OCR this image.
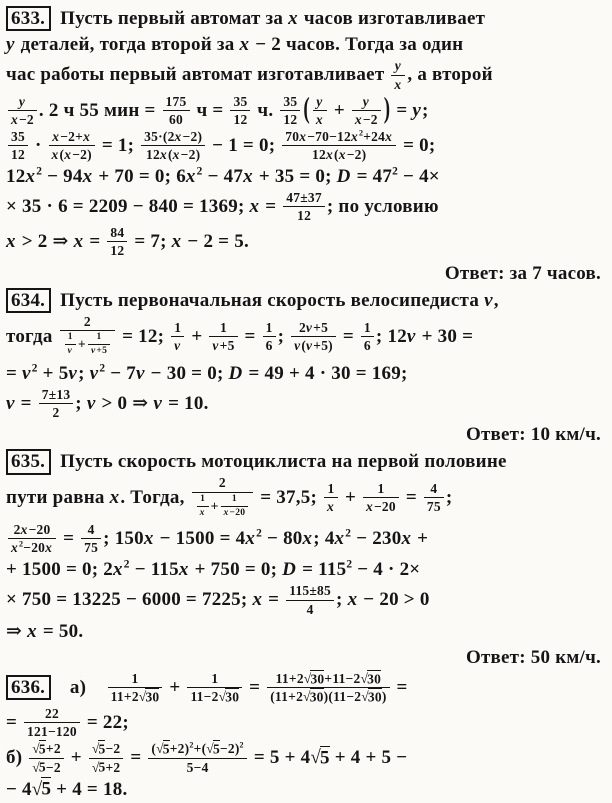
633. Пусть первый автомат за x часов изготавливает
y деталей, тогда второй за x − 2 часов. Тогда за один
час работы первый автомат изготавливает $\frac{y}{x}$ , а второй
$\frac{y}{x-2}$ . 2 ч 55 мин = $\frac{175}{60}$ $ч = \frac{35}{12} ч$. $\frac{35}{12}$ ( $\frac{y}{x} + \frac{y}{x-2}$ ) = y;
$\frac{35}{12} \cdot \frac{x-2+x}{x(x-2)} = 1$; $\frac{35\cdot(2x-2)}{12x(x-2)} - 1 = 0$; $\frac{70x-70-12x^2+24x}{12x(x-2)} = 0$;
$12x^2 - 94x + 70 = 0$; $6x^2 - 47x + 35 = 0$; $D = 47^2 - 4\times$
× 35 · 6 = 2209 − 840 = 1369; $x = \frac{47\pm 37}{12}$ ; по условию
x > 2 ⇒ $x = \frac{84}{12} = 7$; x − 2 = 5.
Ответ: за 7 часов.
634. Пусть первоначальная скорость велосипедиста v,
тогда $\frac{2}{\frac{1}{v} + \frac{1}{v+5}} = 12$; $\frac{1}{v} + \frac{1}{v+5} = \frac{1}{6}$ ; $\frac{2v+5}{v(v+5)} = \frac{1}{6}$ ; 12v + 30 =
= $v^2 + 5v$; $v^2 - 7v - 30 = 0$; D = 49 + 4 · 30 = 169;
$v = \frac{7\pm 13}{2}$ ; v > 0 ⇒ v = 10.
Ответ: 10 км/ч.
635. Пусть скорость мотоциклиста на первой половине
пути равна x. Тогда, $\frac{2}{\frac{1}{x} + \frac{1}{x-20}} = 37,5$; $\frac{1}{x} + \frac{1}{x-20} = \frac{4}{75}$ ;
$\frac{2x-20}{x^2-20x} = \frac{4}{75}$ ; $150x - 1500 = 4x^2 - 80x$; $4x^2 - 230x$ +
+ 1500 = 0; $2x^2 - 115x + 750 = 0$; $D = 115^2 - 4 \cdot 2\times$
× 750 = 13225 − 6000 = 7225; $x = \frac{115\pm 85}{4}$ ; x − 20 > 0
⇒ x = 50.
Ответ: 50 км/ч.
636.  а)   $\frac{1}{11+2√30} + \frac{1}{11-2√30} = \frac{11+2√30+11-2√30}{(11+2√30)(11-2√30)}$ =
= $\frac{22}{121-120} = 22$;
$б) \frac{√5+2}{√5-2} + \frac{√5-2}{√5+2} = \frac{(√5+2)^2+(√5-2)^2}{5-4} = 5 + 4√5 + 4 + 5$ −
− 4√5 + 4 = 18.
